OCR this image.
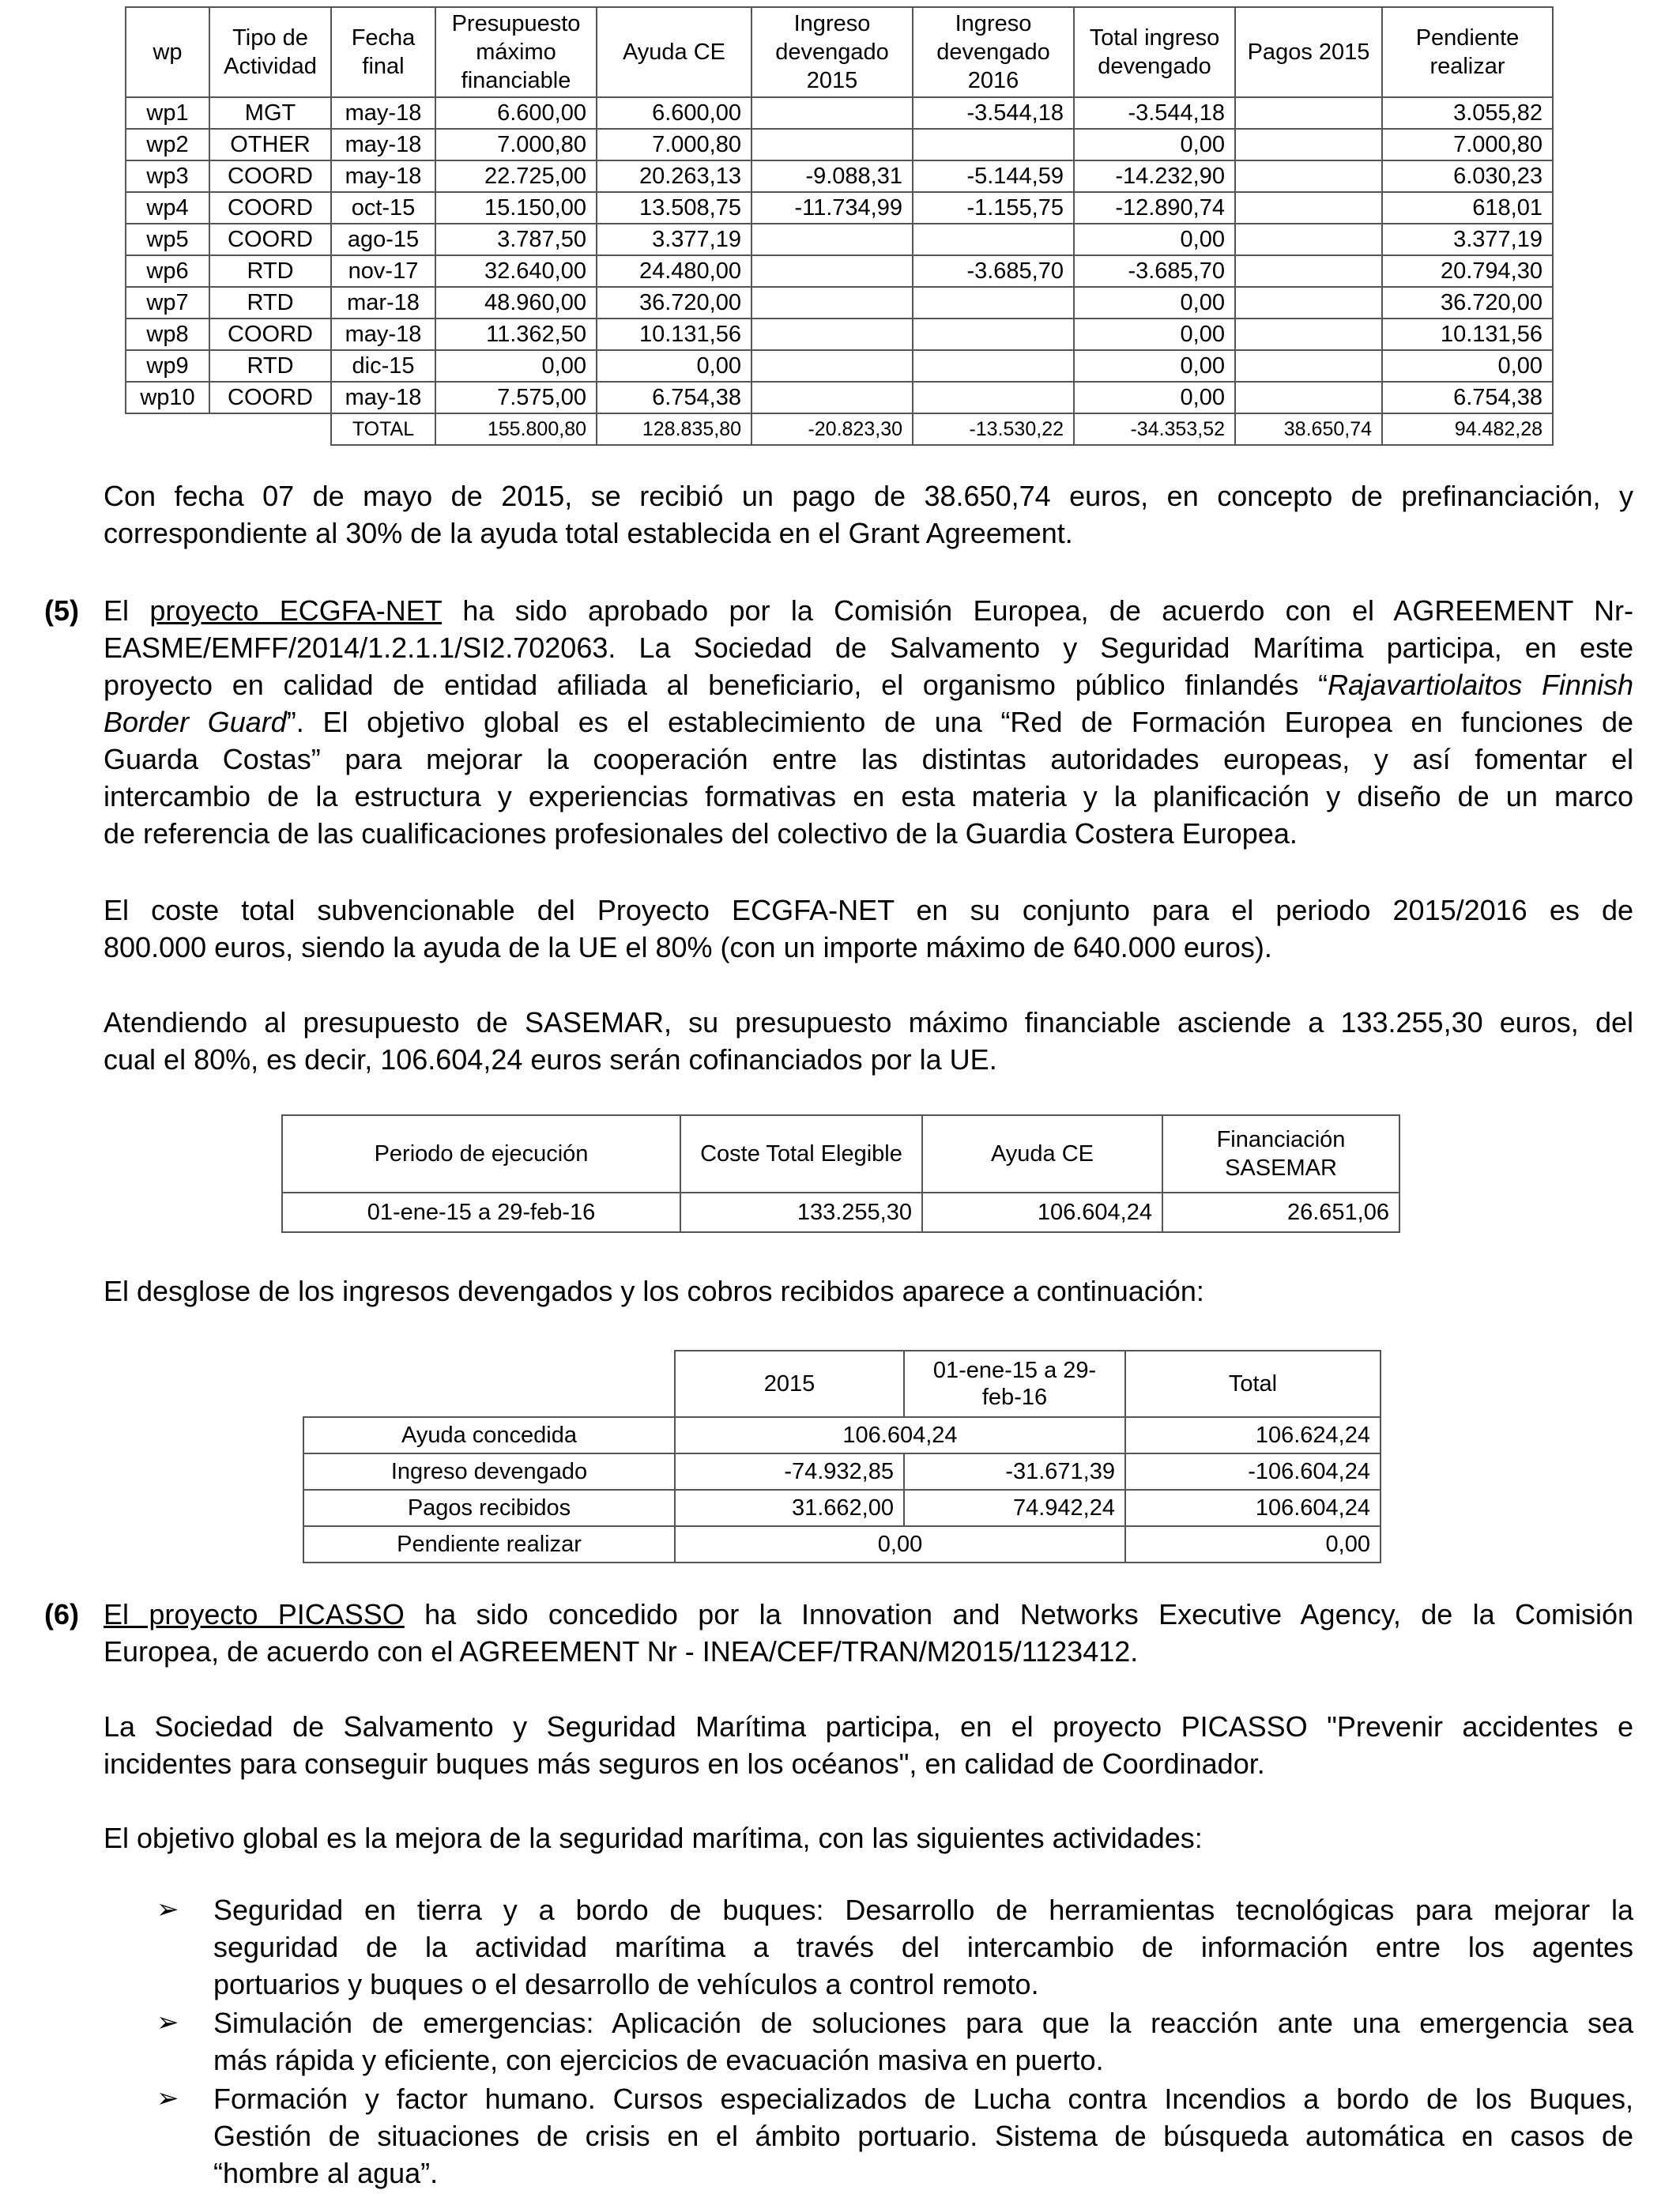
wp	Tipo de Actividad	Fecha final	Presupuesto máximo financiable	Ayuda CE	Ingreso devengado 2015	Ingreso devengado 2016	Total ingreso devengado	Pagos 2015	Pendiente realizar
wp1	MGT	may-18	6.600,00	6.600,00		-3.544,18	-3.544,18		3.055,82
wp2	OTHER	may-18	7.000,80	7.000,80			0,00		7.000,80
wp3	COORD	may-18	22.725,00	20.263,13	-9.088,31	-5.144,59	-14.232,90		6.030,23
wp4	COORD	oct-15	15.150,00	13.508,75	-11.734,99	-1.155,75	-12.890,74		618,01
wp5	COORD	ago-15	3.787,50	3.377,19			0,00		3.377,19
wp6	RTD	nov-17	32.640,00	24.480,00		-3.685,70	-3.685,70		20.794,30
wp7	RTD	mar-18	48.960,00	36.720,00			0,00		36.720,00
wp8	COORD	may-18	11.362,50	10.131,56			0,00		10.131,56
wp9	RTD	dic-15	0,00	0,00			0,00		0,00
wp10	COORD	may-18	7.575,00	6.754,38			0,00		6.754,38
		TOTAL	155.800,80	128.835,80	-20.823,30	-13.530,22	-34.353,52	38.650,74	94.482,28
Con fecha 07 de mayo de 2015, se recibió un pago de 38.650,74 euros, en concepto de prefinanciación, y
correspondiente al 30% de la ayuda total establecida en el Grant Agreement.
(5) El proyecto ECGFA-NET ha sido aprobado por la Comisión Europea, de acuerdo con el AGREEMENT Nr-
EASME/EMFF/2014/1.2.1.1/SI2.702063. La Sociedad de Salvamento y Seguridad Marítima participa, en este
proyecto en calidad de entidad afiliada al beneficiario, el organismo público finlandés “Rajavartiolaitos Finnish
Border Guard”. El objetivo global es el establecimiento de una “Red de Formación Europea en funciones de
Guarda Costas” para mejorar la cooperación entre las distintas autoridades europeas, y así fomentar el
intercambio de la estructura y experiencias formativas en esta materia y la planificación y diseño de un marco
de referencia de las cualificaciones profesionales del colectivo de la Guardia Costera Europea.
El coste total subvencionable del Proyecto ECGFA-NET en su conjunto para el periodo 2015/2016 es de
800.000 euros, siendo la ayuda de la UE el 80% (con un importe máximo de 640.000 euros).
Atendiendo al presupuesto de SASEMAR, su presupuesto máximo financiable asciende a 133.255,30 euros, del
cual el 80%, es decir, 106.604,24 euros serán cofinanciados por la UE.
Periodo de ejecución	Coste Total Elegible	Ayuda CE	Financiación SASEMAR
01-ene-15 a 29-feb-16	133.255,30	106.604,24	26.651,06
El desglose de los ingresos devengados y los cobros recibidos aparece a continuación:
	2015	01-ene-15 a 29-feb-16	Total
Ayuda concedida	106.604,24		106.624,24
Ingreso devengado	-74.932,85	-31.671,39	-106.604,24
Pagos recibidos	31.662,00	74.942,24	106.604,24
Pendiente realizar	0,00		0,00
(6) El proyecto PICASSO ha sido concedido por la Innovation and Networks Executive Agency, de la Comisión
Europea, de acuerdo con el AGREEMENT Nr - INEA/CEF/TRAN/M2015/1123412.
La Sociedad de Salvamento y Seguridad Marítima participa, en el proyecto PICASSO "Prevenir accidentes e
incidentes para conseguir buques más seguros en los océanos", en calidad de Coordinador.
El objetivo global es la mejora de la seguridad marítima, con las siguientes actividades:
➢ Seguridad en tierra y a bordo de buques: Desarrollo de herramientas tecnológicas para mejorar la
seguridad de la actividad marítima a través del intercambio de información entre los agentes
portuarios y buques o el desarrollo de vehículos a control remoto.
➢ Simulación de emergencias: Aplicación de soluciones para que la reacción ante una emergencia sea
más rápida y eficiente, con ejercicios de evacuación masiva en puerto.
➢ Formación y factor humano. Cursos especializados de Lucha contra Incendios a bordo de los Buques,
Gestión de situaciones de crisis en el ámbito portuario. Sistema de búsqueda automática en casos de
“hombre al agua”.
